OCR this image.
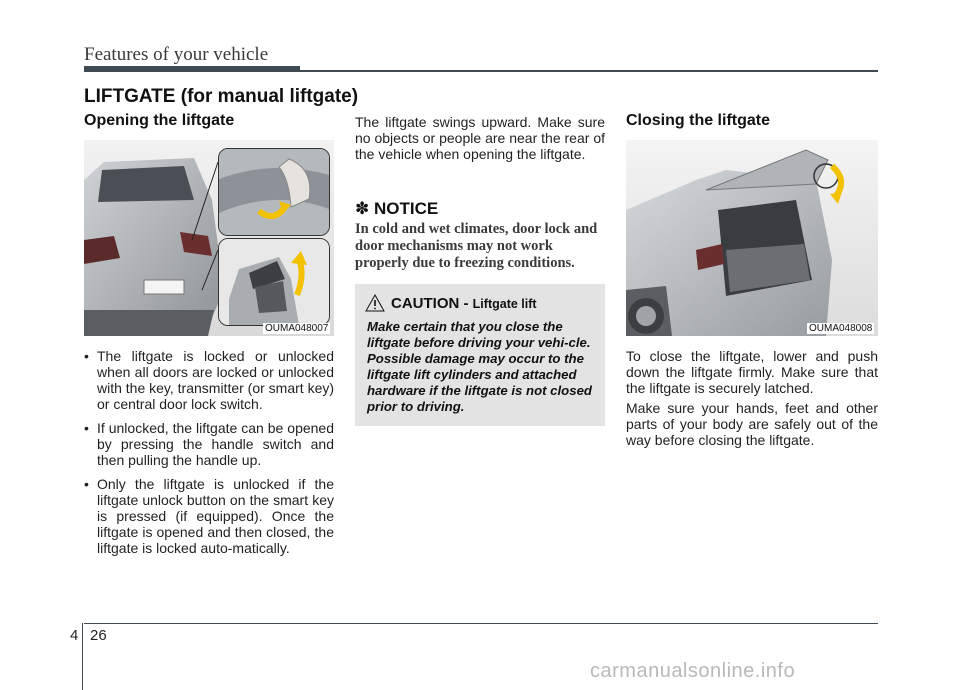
Features of your vehicle
LIFTGATE (for manual liftgate)
Opening the liftgate
OUMA048007
• The liftgate is locked or unlocked when all doors are locked or unlocked with the key, transmitter (or smart key) or central door lock switch.
• If unlocked, the liftgate can be opened by pressing the handle switch and then pulling the handle up.
• Only the liftgate is unlocked if the liftgate unlock button on the smart key is pressed (if equipped). Once the liftgate is opened and then closed, the liftgate is locked auto-matically.
The liftgate swings upward. Make sure no objects or people are near the rear of the vehicle when opening the liftgate.
✽ NOTICE
In cold and wet climates, door lock and door mechanisms may not work properly due to freezing conditions.
CAUTION - Liftgate lift
Make certain that you close the liftgate before driving your vehi-cle. Possible damage may occur to the liftgate lift cylinders and attached hardware if the liftgate is not closed prior to driving.
Closing the liftgate
OUMA048008
To close the liftgate, lower and push down the liftgate firmly. Make sure that the liftgate is securely latched.
Make sure your hands, feet and other parts of your body are safely out of the way before closing the liftgate.
4 26
carmanualsonline.info
